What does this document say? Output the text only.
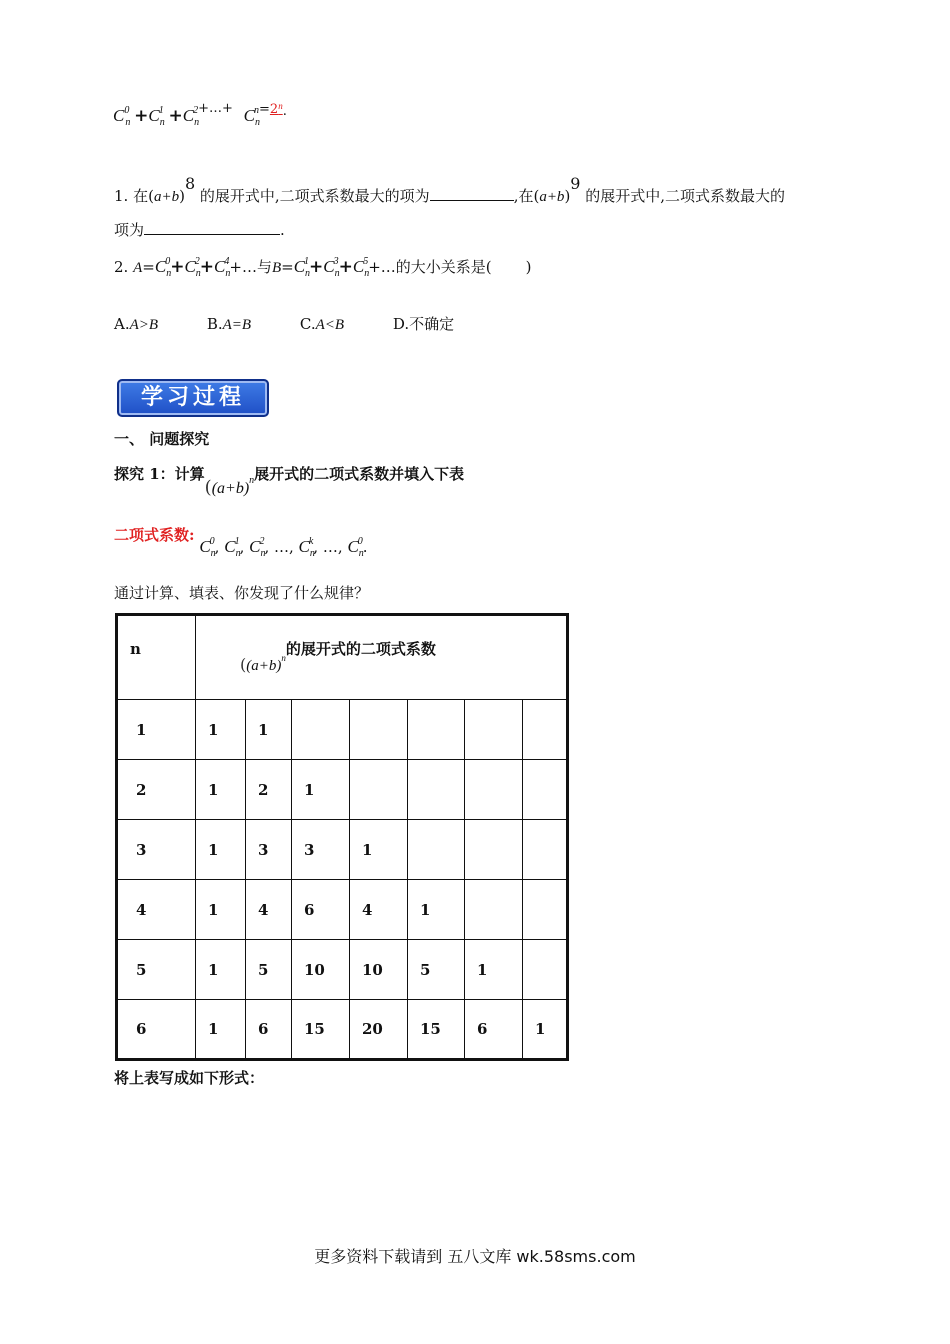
$C_n^0 +C_n^1$ $+C_n^2+\dots+ C_n^n=2^n$.
1. 在(a+b)8 的展开式中,二项式系数最大的项为	,在(a+b)9 的展开式中,二项式系数最大的
项为	.
2. $A=C_n^0+C_n^2+C_n^4+\dots$与$B=C_n^1+C_n^3+C_n^5+\dots$的大小关系是( )
A.A>B	B.A=B	C.A<B	D.不确定
学习过程
一、 问题探究
探究 1：计算($(a+b)^n$展开式的二项式系数并填入下表
二项式系数: $C_n^0$, $C_n^1$, $C_n^2$, …, $C_n^k$, …, $C_n^0$.
通过计算、填表、你发现了什么规律？
n	($(a+b)^n$的展开式的二项式系数						
1	1	1					
2	1	2	1				
3	1	3	3	1			
4	1	4	6	4	1		
5	1	5	10	10	5	1	
6	1	6	15	20	15	6	1
将上表写成如下形式：
更多资料下载请到 五八文库 wk.58sms.com
